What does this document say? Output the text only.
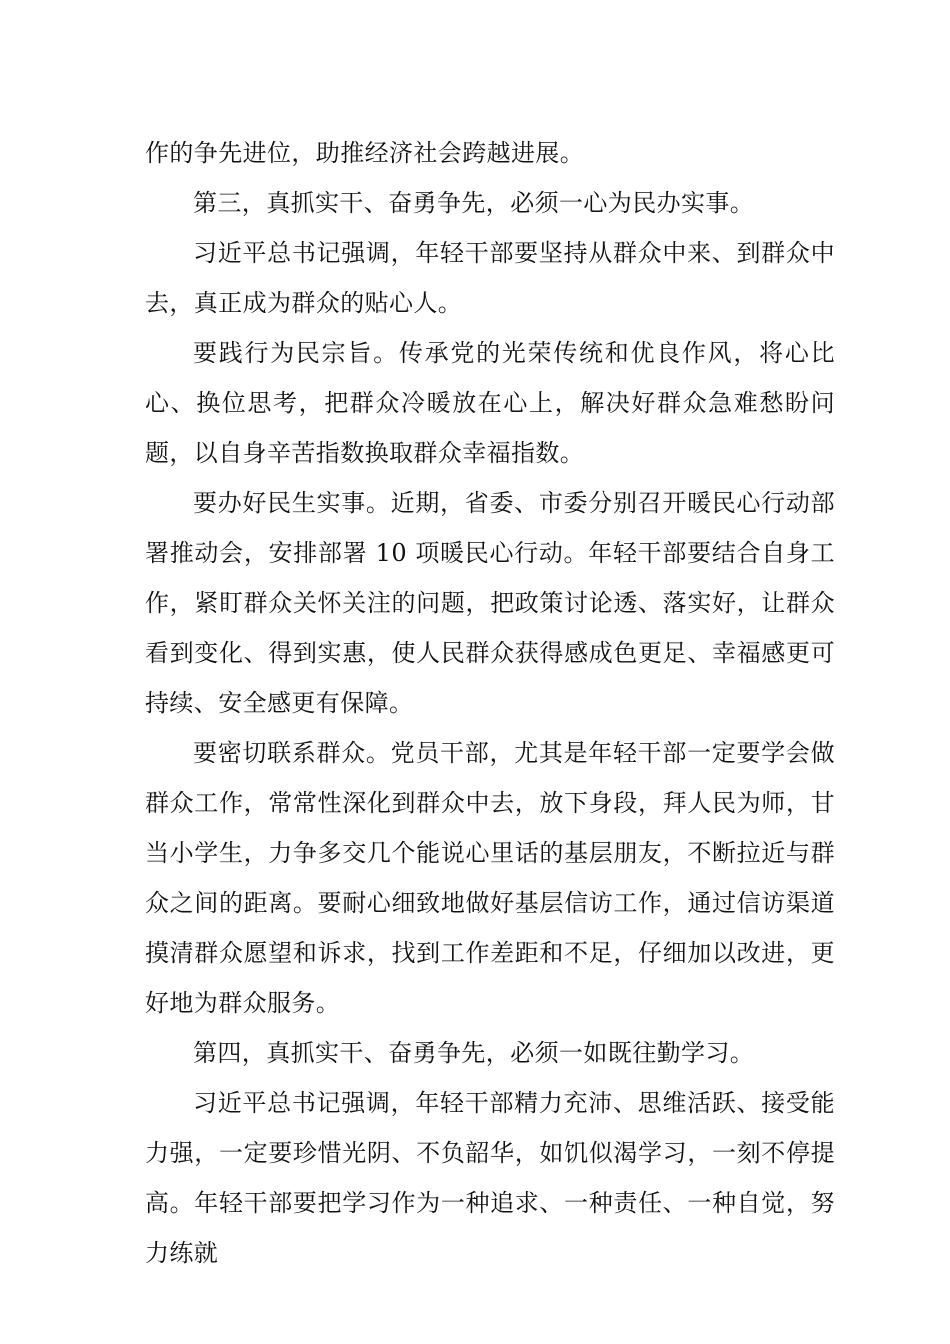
作的争先进位，助推经济社会跨越进展。

第三，真抓实干、奋勇争先，必须一心为民办实事。

习近平总书记强调，年轻干部要坚持从群众中来、到群众中去，真正成为群众的贴心人。

要践行为民宗旨。传承党的光荣传统和优良作风，将心比心、换位思考，把群众冷暖放在心上，解决好群众急难愁盼问题，以自身辛苦指数换取群众幸福指数。

要办好民生实事。近期，省委、市委分别召开暖民心行动部署推动会，安排部署 10 项暖民心行动。年轻干部要结合自身工作，紧盯群众关怀关注的问题，把政策讨论透、落实好，让群众看到变化、得到实惠，使人民群众获得感成色更足、幸福感更可持续、安全感更有保障。

要密切联系群众。党员干部，尤其是年轻干部一定要学会做群众工作，常常性深化到群众中去，放下身段，拜人民为师，甘当小学生，力争多交几个能说心里话的基层朋友，不断拉近与群众之间的距离。要耐心细致地做好基层信访工作，通过信访渠道摸清群众愿望和诉求，找到工作差距和不足，仔细加以改进，更好地为群众服务。

第四，真抓实干、奋勇争先，必须一如既往勤学习。

习近平总书记强调，年轻干部精力充沛、思维活跃、接受能力强，一定要珍惜光阴、不负韶华，如饥似渴学习，一刻不停提高。年轻干部要把学习作为一种追求、一种责任、一种自觉，努力练就
